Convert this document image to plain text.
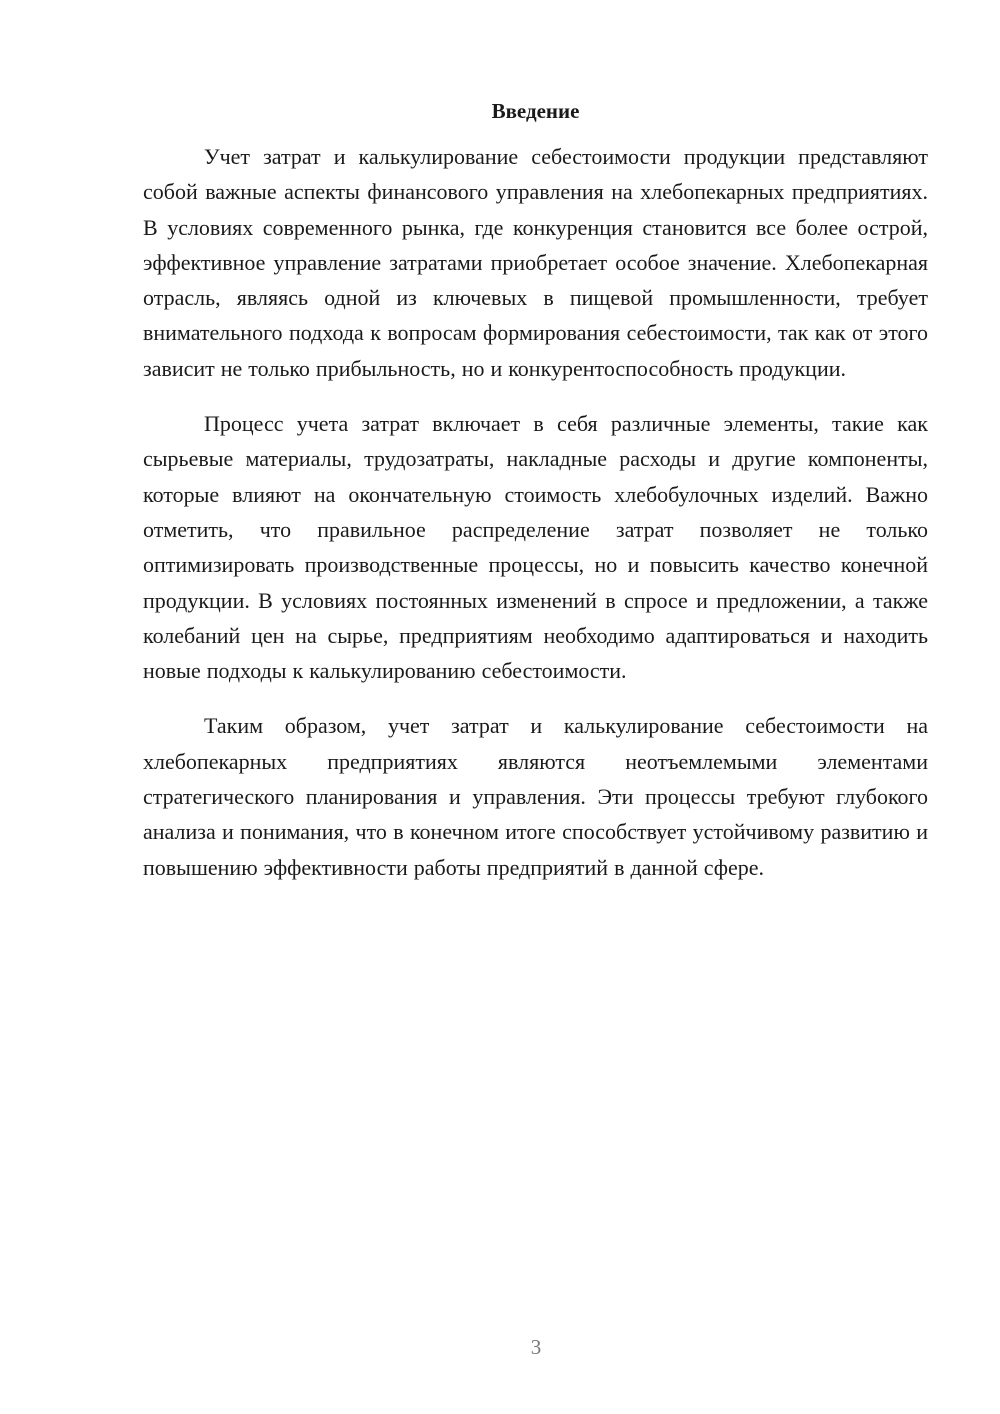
Введение

Учет затрат и калькулирование себестоимости продукции представляют собой важные аспекты финансового управления на хлебопекарных предприятиях. В условиях современного рынка, где конкуренция становится все более острой, эффективное управление затратами приобретает особое значение. Хлебопекарная отрасль, являясь одной из ключевых в пищевой промышленности, требует внимательного подхода к вопросам формирования себестоимости, так как от этого зависит не только прибыльность, но и конкурентоспособность продукции.

Процесс учета затрат включает в себя различные элементы, такие как сырьевые материалы, трудозатраты, накладные расходы и другие компоненты, которые влияют на окончательную стоимость хлебобулочных изделий. Важно отметить, что правильное распределение затрат позволяет не только оптимизировать производственные процессы, но и повысить качество конечной продукции. В условиях постоянных изменений в спросе и предложении, а также колебаний цен на сырье, предприятиям необходимо адаптироваться и находить новые подходы к калькулированию себестоимости.

Таким образом, учет затрат и калькулирование себестоимости на хлебопекарных предприятиях являются неотъемлемыми элементами стратегического планирования и управления. Эти процессы требуют глубокого анализа и понимания, что в конечном итоге способствует устойчивому развитию и повышению эффективности работы предприятий в данной сфере.

3
